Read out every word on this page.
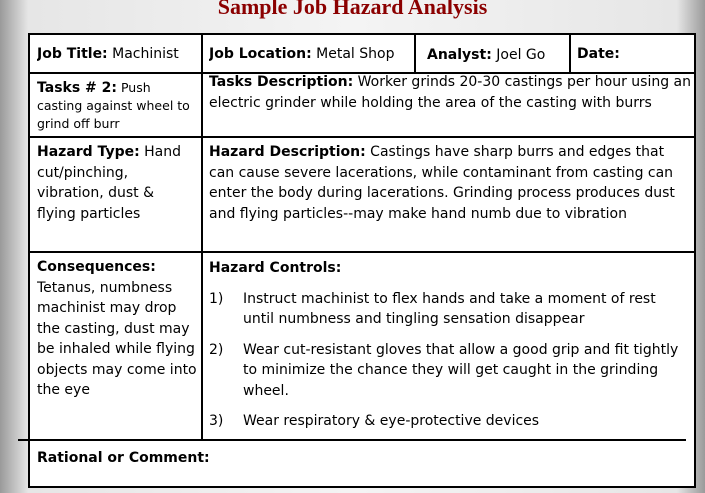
Sample Job Hazard Analysis
Job Title: Machinist	Job Location: Metal Shop	Analyst: Joel Go	Date:
Tasks # 2: Push casting against wheel to grind off burr
Tasks Description: Worker grinds 20-30 castings per hour using an electric grinder while holding the area of the casting with burrs
Hazard Type: Hand cut/pinching, vibration, dust & flying particles
Hazard Description: Castings have sharp burrs and edges that can cause severe lacerations, while contaminant from casting can enter the body during lacerations. Grinding process produces dust and flying particles--may make hand numb due to vibration
Consequences:
Tetanus, numbness machinist may drop the casting, dust may be inhaled while flying objects may come into the eye
Hazard Controls:
1)	Instruct machinist to flex hands and take a moment of rest until numbness and tingling sensation disappear
2)	Wear cut-resistant gloves that allow a good grip and fit tightly to minimize the chance they will get caught in the grinding wheel.
3)	Wear respiratory & eye-protective devices
Rational or Comment:
